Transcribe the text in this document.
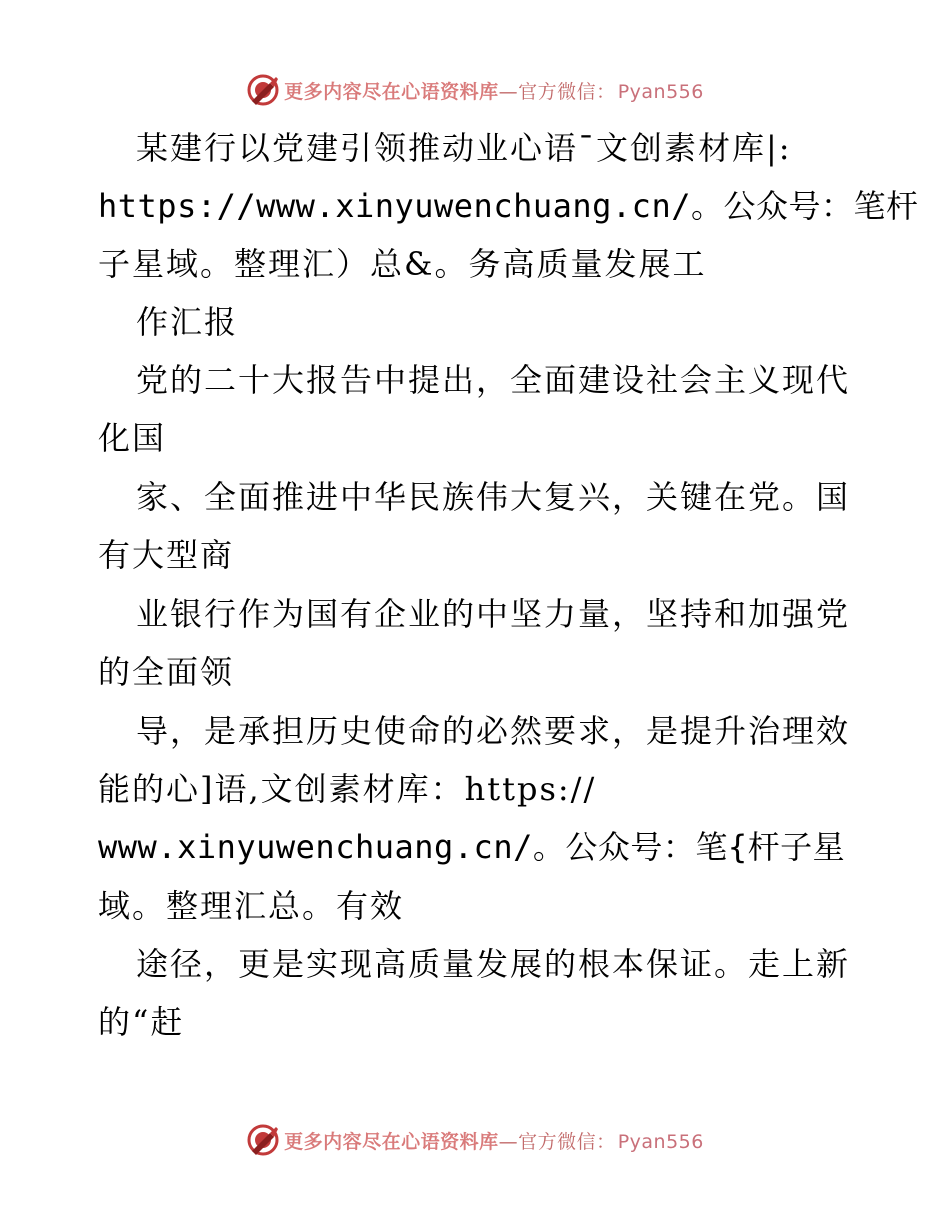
更多内容尽在心语资料库—官方微信： Pyan556
某建行以党建引领推动业心语¯文创素材库|:
https://www.xinyuwenchuang.cn/。公众号：笔杆
子星域。整理汇）总&。务高质量发展工
作汇报
党的二十大报告中提出，全面建设社会主义现代
化国
家、全面推进中华民族伟大复兴，关键在党。国
有大型商
业银行作为国有企业的中坚力量，坚持和加强党
的全面领
导，是承担历史使命的必然要求，是提升治理效
能的心]语,文创素材库：https://
www.xinyuwenchuang.cn/。公众号：笔{杆子星
域。整理汇总。有效
途径，更是实现高质量发展的根本保证。走上新
的“赶
更多内容尽在心语资料库—官方微信： Pyan556
